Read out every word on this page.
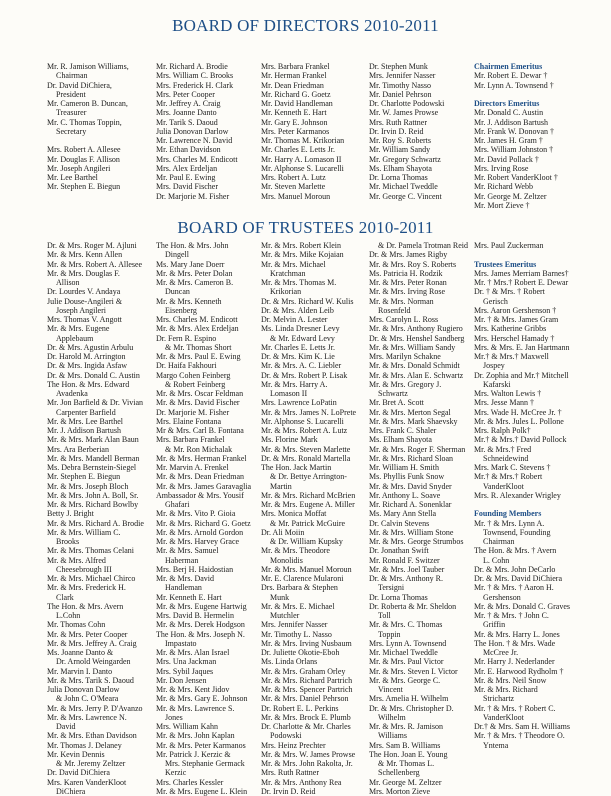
BOARD OF DIRECTORS 2010-2011
Mr. R. Jamison Williams,
Chairman
Dr. David DiChiera,
President
Mr. Cameron B. Duncan,
Treasurer
Mr. C. Thomas Toppin,
Secretary
Mrs. Robert A. Allesee
Mr. Douglas F. Allison
Mr. Joseph Angileri
Mr. Lee Barthel
Mr. Stephen E. Biegun
Mr. Richard A. Brodie
Mrs. William C. Brooks
Mrs. Frederick H. Clark
Mrs. Peter Cooper
Mr. Jeffrey A. Craig
Mrs. Joanne Danto
Mr. Tarik S. Daoud
Julia Donovan Darlow
Mr. Lawrence N. David
Mr. Ethan Davidson
Mrs. Charles M. Endicott
Mrs. Alex Erdeljan
Mr. Paul E. Ewing
Mrs. David Fischer
Dr. Marjorie M. Fisher
Mrs. Barbara Frankel
Mr. Herman Frankel
Mr. Dean Friedman
Mr. Richard G. Goetz
Mr. David Handleman
Mr. Kenneth E. Hart
Mr. Gary E. Johnson
Mrs. Peter Karmanos
Mr. Thomas M. Krikorian
Mr. Charles E. Letts Jr.
Mr. Harry A. Lomason II
Mr. Alphonse S. Lucarelli
Mrs. Robert A. Lutz
Mr. Steven Marlette
Mrs. Manuel Moroun
Dr. Stephen Munk
Mrs. Jennifer Nasser
Mr. Timothy Nasso
Mr. Daniel Pehrson
Dr. Charlotte Podowski
Mr. W. James Prowse
Mrs. Ruth Rattner
Dr. Irvin D. Reid
Mr. Roy S. Roberts
Mr. William Sandy
Mr. Gregory Schwartz
Ms. Elham Shayota
Dr. Lorna Thomas
Mr. Michael Tweddle
Mr. George C. Vincent
Chairmen Emeritus
Mr. Robert E. Dewar †
Mr. Lynn A. Townsend †
Directors Emeritus
Mr. Donald C. Austin
Mr. J. Addison Bartush
Mr. Frank W. Donovan †
Mr. James H. Gram †
Mrs. William Johnston †
Mr. David Pollack †
Mrs. Irving Rose
Mr. Robert VanderKloot †
Mr. Richard Webb
Mr. George M. Zeltzer
Mr. Mort Zieve †
BOARD OF TRUSTEES 2010-2011
Dr. & Mrs. Roger M. Ajluni
Mr. & Mrs. Kenn Allen
Mr. & Mrs. Robert A. Allesee
Mr. & Mrs. Douglas F.
Allison
Dr. Lourdes V. Andaya
Julie Douse-Angileri &
Joseph Angileri
Mrs. Thomas V. Angott
Mr. & Mrs. Eugene
Applebaum
Dr. & Mrs. Agustin Arbulu
Dr. Harold M. Arrington
Dr. & Mrs. Ingida Asfaw
Dr. & Mrs. Donald C. Austin
The Hon. & Mrs. Edward
Avadenka
Mr. Jon Barfield & Dr. Vivian
Carpenter Barfield
Mr. & Mrs. Lee Barthel
Mr. J. Addison Bartush
Mr. & Mrs. Mark Alan Baun
Mrs. Ara Berberian
Mr. & Mrs. Mandell Berman
Ms. Debra Bernstein-Siegel
Mr. Stephen E. Biegun
Mr. & Mrs. Joseph Bloch
Mr. & Mrs. John A. Boll, Sr.
Mr. & Mrs. Richard Bowlby
Betty J. Bright
Mr. & Mrs. Richard A. Brodie
Mr. & Mrs. William C.
Brooks
Mr. & Mrs. Thomas Celani
Mr. & Mrs. Alfred
Cheesebrough III
Mr. & Mrs. Michael Chirco
Mr. & Mrs. Frederick H.
Clark
The Hon. & Mrs. Avern
L.Cohn
Mr. Thomas Cohn
Mr. & Mrs. Peter Cooper
Mr. & Mrs. Jeffrey A. Craig
Ms. Joanne Danto &
Dr. Arnold Weingarden
Mr. Marvin I. Danto
Mr. & Mrs. Tarik S. Daoud
Julia Donovan Darlow
& John C. O'Meara
Mr. & Mrs. Jerry P. D'Avanzo
Mr. & Mrs. Lawrence N.
David
Mr. & Mrs. Ethan Davidson
Mr. Thomas J. Delaney
Mr. Kevin Dennis
& Mr. Jeremy Zeltzer
Dr. David DiChiera
Mrs. Karen VanderKloot
DiChiera
The Hon. & Mrs. John
Dingell
Ms. Mary Jane Doerr
Mr. & Mrs. Peter Dolan
Mr. & Mrs. Cameron B.
Duncan
Mr. & Mrs. Kenneth
Eisenberg
Mrs. Charles M. Endicott
Mr. & Mrs. Alex Erdeljan
Dr. Fern R. Espino
& Mr. Thomas Short
Mr. & Mrs. Paul E. Ewing
Dr. Haifa Fakhouri
Margo Cohen Feinberg
& Robert Feinberg
Mr. & Mrs. Oscar Feldman
Mr. & Mrs. David Fischer
Dr. Marjorie M. Fisher
Mrs. Elaine Fontana
Mr & Mrs. Carl B. Fontana
Mrs. Barbara Frankel
& Mr. Ron Michalak
Mr. & Mrs. Herman Frankel
Mr. Marvin A. Frenkel
Mr. & Mrs. Dean Friedman
Mr. & Mrs. James Garavaglia
Ambassador & Mrs. Yousif
Ghafari
Mr. & Mrs. Vito P. Gioia
Mr. & Mrs. Richard G. Goetz
Mr. & Mrs. Arnold Gordon
Mr. & Mrs. Harvey Grace
Mr. & Mrs. Samuel
Haberman
Mrs. Berj H. Haidostian
Mr. & Mrs. David
Handleman
Mr. Kenneth E. Hart
Mr. & Mrs. Eugene Hartwig
Mrs. David B. Hermelin
Mr. & Mrs. Derek Hodgson
The Hon. & Mrs. Joseph N.
Impastato
Mr. & Mrs. Alan Israel
Mrs. Una Jackman
Mrs. Sybil Jaques
Mr. Don Jensen
Mr. & Mrs. Kent Jidov
Mr. & Mrs. Gary E. Johnson
Mr. & Mrs. Lawrence S.
Jones
Mrs. William Kahn
Mr. & Mrs. John Kaplan
Mr. & Mrs. Peter Karmanos
Mr. Patrick J. Kerzic &
Mrs. Stephanie Germack
Kerzic
Mrs. Charles Kessler
Mr. & Mrs. Eugene L. Klein
Mr. & Mrs. Robert Klein
Mr. & Mrs. Mike Kojaian
Mr. & Mrs. Michael
Kratchman
Mr. & Mrs. Thomas M.
Krikorian
Dr. & Mrs. Richard W. Kulis
Dr. & Mrs. Alden Leib
Dr. Melvin A. Lester
Ms. Linda Dresner Levy
& Mr. Edward Levy
Mr. Charles E. Letts Jr.
Dr. & Mrs. Kim K. Lie
Mr. & Mrs. A. C. Liebler
Dr. & Mrs. Robert P. Lisak
Mr. & Mrs. Harry A.
Lomason II
Mrs. Lawrence LoPatin
Mr. & Mrs. James N. LoPrete
Mr. Alphonse S. Lucarelli
Mr. & Mrs. Robert A. Lutz
Ms. Florine Mark
Mr. & Mrs. Steven Marlette
Dr. & Mrs. Ronald Martella
The Hon. Jack Martin
& Dr. Bettye Arrington-
Martin
Mr. & Mrs. Richard McBrien
Mr. & Mrs. Eugene A. Miller
Mrs. Monica Moffat
& Mr. Patrick McGuire
Dr. Ali Moiin
& Dr. William Kupsky
Mr. & Mrs. Theodore
Monolidis
Mr. & Mrs. Manuel Moroun
Mr. E. Clarence Mularoni
Drs. Barbara & Stephen
Munk
Mr. & Mrs. E. Michael
Mutchler
Mrs. Jennifer Nasser
Mr. Timothy L. Nasso
Mr. & Mrs. Irving Nusbaum
Dr. Juliette Okotie-Eboh
Ms. Linda Orlans
Mr. & Mrs. Graham Orley
Mr. & Mrs. Richard Partrich
Mr. & Mrs. Spencer Partrich
Mr. & Mrs. Daniel Pehrson
Dr. Robert E. L. Perkins
Mr. & Mrs. Brock E. Plumb
Dr. Charlotte & Mr. Charles
Podowski
Mrs. Heinz Prechter
Mr. & Mrs. W. James Prowse
Mr. & Mrs. John Rakolta, Jr.
Mrs. Ruth Rattner
Mr. & Mrs. Anthony Rea
Dr. Irvin D. Reid
& Dr. Pamela Trotman Reid
Dr. & Mrs. James Rigby
Mr. & Mrs. Roy S. Roberts
Ms. Patricia H. Rodzik
Mr. & Mrs. Peter Ronan
Mr. & Mrs. Irving Rose
Mr. & Mrs. Norman
Rosenfeld
Mrs. Carolyn L. Ross
Mr. & Mrs. Anthony Rugiero
Dr. & Mrs. Henshel Sandberg
Mr. & Mrs. William Sandy
Mrs. Marilyn Schakne
Mr. & Mrs. Donald Schmidt
Mr. & Mrs. Alan E. Schwartz
Mr. & Mrs. Gregory J.
Schwartz
Mr. Bret A. Scott
Mr. & Mrs. Merton Segal
Mr. & Mrs. Mark Shaevsky
Mrs. Frank C. Shaler
Ms. Elham Shayota
Mr. & Mrs. Roger F. Sherman
Mr. & Mrs. Richard Sloan
Mr. William H. Smith
Ms. Phyllis Funk Snow
Mr. & Mrs. David Snyder
Mr. Anthony L. Soave
Mr. Richard A. Sonenklar
Ms. Mary Ann Stella
Dr. Calvin Stevens
Mr. & Mrs. William Stone
Mr. & Mrs. George Strumbos
Dr. Jonathan Swift
Mr. Ronald F. Switzer
Mr. & Mrs. Joel Tauber
Dr. & Mrs. Anthony R.
Tersigni
Dr. Lorna Thomas
Dr. Roberta & Mr. Sheldon
Toll
Mr. & Mrs. C. Thomas
Toppin
Mrs. Lynn A. Townsend
Mr. Michael Tweddle
Mr. & Mrs. Paul Victor
Mr. & Mrs. Steven I. Victor
Mr. & Mrs. George C.
Vincent
Mrs. Amelia H. Wilhelm
Dr. & Mrs. Christopher D.
Wilhelm
Mr. & Mrs. R. Jamison
Williams
Mrs. Sam B. Williams
The Hon. Joan E. Young
& Mr. Thomas L.
Schellenberg
Mr. George M. Zeltzer
Mrs. Morton Zieve
Mrs. Paul Zuckerman
Trustees Emeritus
Mrs. James Merriam Barnes†
Mr. † Mrs.† Robert E. Dewar
Dr. † & Mrs. † Robert
Gerisch
Mrs. Aaron Gershenson †
Mr. † & Mrs. James Gram
Mrs. Katherine Gribbs
Mrs. Herschel Hamady †
Mrs. & Mrs. E. Jan Hartmann
Mr.† & Mrs.† Maxwell
Jospey
Dr. Zophia and Mr.† Mitchell
Kafarski
Mrs. Walton Lewis †
Mrs. Jesse Mann †
Mrs. Wade H. McCree Jr. †
Mr. & Mrs. Jules L. Pollone
Mrs. Ralph Polk†
Mr.† & Mrs.† David Pollock
Mr. & Mrs.† Fred
Schneidewind
Mrs. Mark C. Stevens †
Mr.† & Mrs.† Robert
VanderKloot
Mrs. R. Alexander Wrigley
Founding Members
Mr. † & Mrs. Lynn A.
Townsend, Founding
Chairman
The Hon. & Mrs. † Avern
L. Cohn
Dr. & Mrs. John DeCarlo
Dr. & Mrs. David DiChiera
Mr. † & Mrs. † Aaron H.
Gershenson
Mr. & Mrs. Donald C. Graves
Mr. † & Mrs. † John C.
Griffin
Mr. & Mrs. Harry L. Jones
The Hon. † & Mrs. Wade
McCree Jr.
Mr. Harry J. Nederlander
Mr. E. Harwood Rydholm †
Mr. & Mrs. Neil Snow
Mr. & Mrs. Richard
Strichartz
Mr. † & Mrs. † Robert C.
VanderKloot
Dr.† & Mrs. Sam H. Williams
Mr. † & Mrs. † Theodore O.
Yntema
